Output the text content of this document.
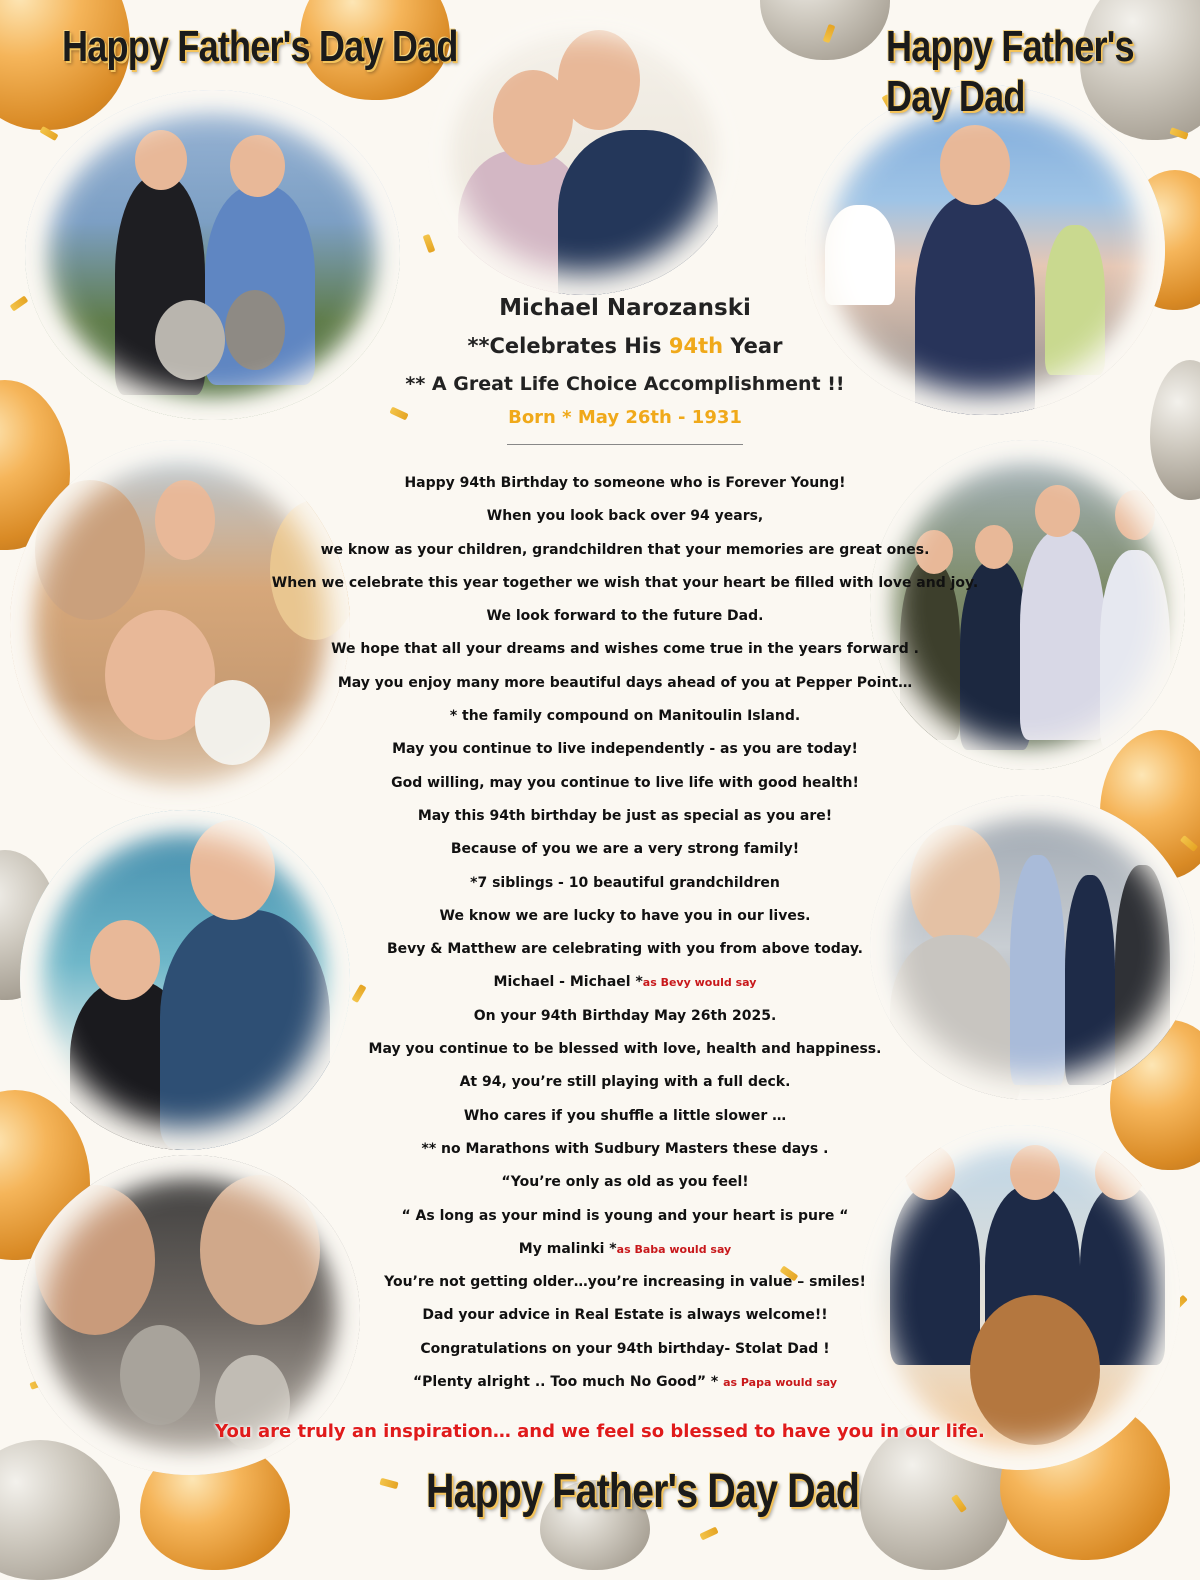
Happy Father's Day Dad	Happy Father's Day Dad
Happy Father's Day Dad
Michael Narozanski
**Celebrates His 94th Year
** A Great Life Choice Accomplishment !!
Born * May 26th - 1931
Happy 94th Birthday to someone who is Forever Young!
When you look back over 94 years,
we know as your children, grandchildren that your memories are great ones.
When we celebrate this year together we wish that your heart be filled with love and joy.
We look forward to the future Dad.
We hope that all your dreams and wishes come true in the years forward .
May you enjoy many more beautiful days ahead of you at Pepper Point…
* the family compound on Manitoulin Island.
May you continue to live independently - as you are today!
God willing, may you continue to live life with good health!
May this 94th birthday be just as special as you are!
Because of you we are a very strong family!
*7 siblings - 10 beautiful grandchildren
We know we are lucky to have you in our lives.
Bevy & Matthew are celebrating with you from above today.
Michael - Michael *as Bevy would say
On your 94th Birthday May 26th 2025.
May you continue to be blessed with love, health and happiness.
At 94, you’re still playing with a full deck.
Who cares if you shuffle a little slower …
** no Marathons with Sudbury Masters these days .
“You’re only as old as you feel!
“ As long as your mind is young and your heart is pure “
My malinki *as Baba would say
You’re not getting older…you’re increasing in value – smiles!
Dad your advice in Real Estate is always welcome!!
Congratulations on your 94th birthday- Stolat Dad !
“Plenty alright .. Too much No Good” * as Papa would say
You are truly an inspiration… and we feel so blessed to have you in our life.
